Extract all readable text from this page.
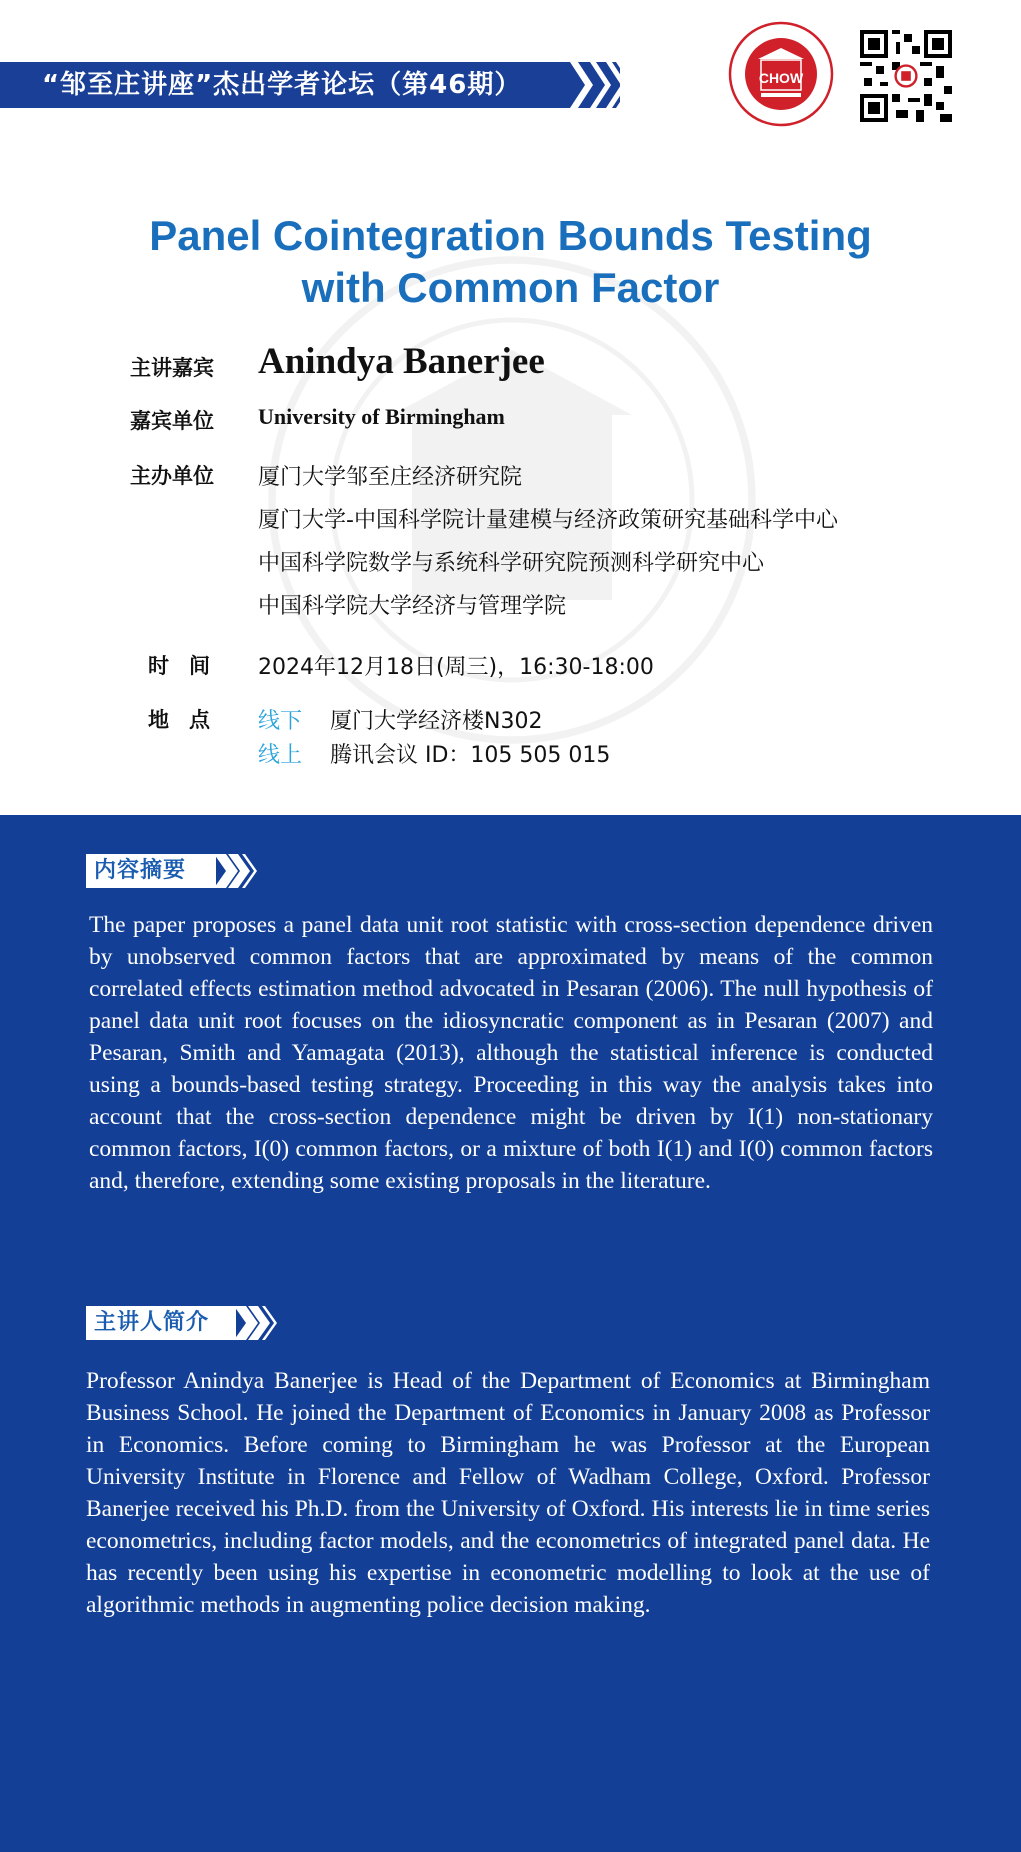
“邹至庄讲座”杰出学者论坛（第46期）	CHOW
Panel Cointegration Bounds Testing
with Common Factor
主讲嘉宾	Anindya Banerjee
嘉宾单位	University of Birmingham
主办单位	厦门大学邹至庄经济研究院
厦门大学-中国科学院计量建模与经济政策研究基础科学中心
中国科学院数学与系统科学研究院预测科学研究中心
中国科学院大学经济与管理学院
时间	2024年12月18日(周三)，16:30-18:00
地点	线下 厦门大学经济楼N302
线上 腾讯会议 ID：105 505 015
内容摘要
The paper proposes a panel data unit root statistic with cross-section dependence driven by unobserved common factors that are approximated by means of the common correlated effects estimation method advocated in Pesaran (2006). The null hypothesis of panel data unit root focuses on the idiosyncratic component as in Pesaran (2007) and Pesaran, Smith and Yamagata (2013), although the statistical inference is conducted using a bounds-based testing strategy. Proceeding in this way the analysis takes into account that the cross-section dependence might be driven by I(1) non-stationary common factors, I(0) common factors, or a mixture of both I(1) and I(0) common factors and, therefore, extending some existing proposals in the literature.
主讲人简介
Professor Anindya Banerjee is Head of the Department of Economics at Birmingham Business School. He joined the Department of Economics in January 2008 as Professor in Economics. Before coming to Birmingham he was Professor at the European University Institute in Florence and Fellow of Wadham College, Oxford. Professor Banerjee received his Ph.D. from the University of Oxford. His interests lie in time series econometrics, including factor models, and the econometrics of integrated panel data. He has recently been using his expertise in econometric modelling to look at the use of algorithmic methods in augmenting police decision making.
